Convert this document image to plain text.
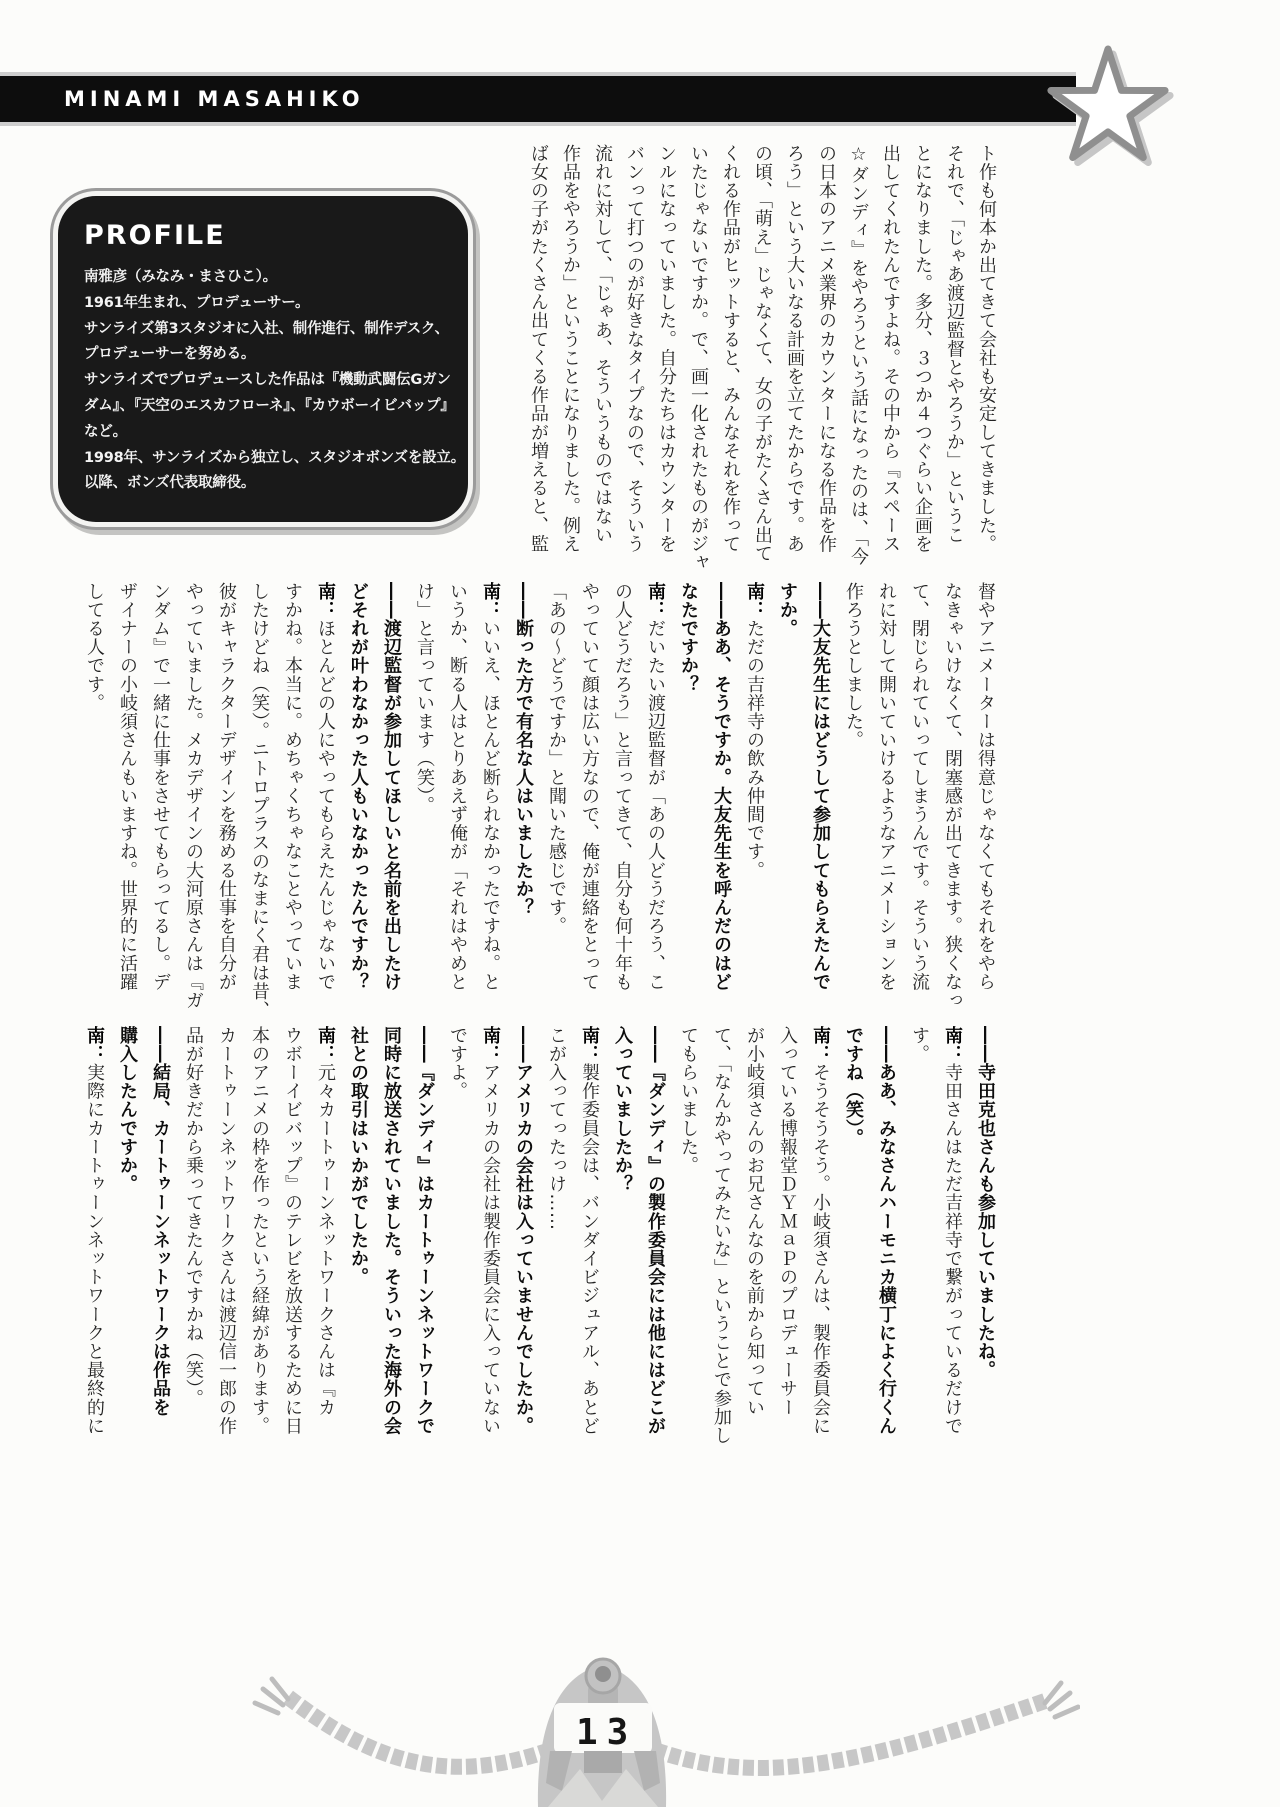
MINAMI MASAHIKO
PROFILE
南雅彦（みなみ・まさひこ）。
1961年生まれ、プロデューサー。
サンライズ第3スタジオに入社、制作進行、制作デスク、
プロデューサーを努める。
サンライズでプロデュースした作品は『機動武闘伝Gガン
ダム』、『天空のエスカフローネ』、『カウボーイビバップ』
など。
1998年、サンライズから独立し、スタジオボンズを設立。
以降、ボンズ代表取締役。	ト作も何本か出てきて会社も安定してきました。
それで、「じゃあ渡辺監督とやろうか」というこ
とになりました。多分、３つか４つぐらい企画を
出してくれたんですよね。その中から『スペース
☆ダンディ』をやろうという話になったのは、「今
の日本のアニメ業界のカウンターになる作品を作
ろう」という大いなる計画を立てたからです。あ
の頃、「萌え」じゃなくて、女の子がたくさん出て
くれる作品がヒットすると、みんなそれを作って
いたじゃないですか。で、画一化されたものがジャ
ンルになっていました。自分たちはカウンターを
バンって打つのが好きなタイプなので、そういう
流れに対して、「じゃあ、そういうものではない
作品をやろうか」ということになりました。例え
ば女の子がたくさん出てくる作品が増えると、監
督やアニメーターは得意じゃなくてもそれをやら
なきゃいけなくて、閉塞感が出てきます。狭くなっ
て、閉じられていってしまうんです。そういう流
れに対して開いていけるようなアニメーションを
作ろうとしました。
――大友先生にはどうして参加してもらえたんで
すか。
南：ただの吉祥寺の飲み仲間です。
――ああ、そうですか。大友先生を呼んだのはど
なたですか？
南：だいたい渡辺監督が「あの人どうだろう、こ
の人どうだろう」と言ってきて、自分も何十年も
やっていて顔は広い方なので、俺が連絡をとって
「あの〜どうですか」と聞いた感じです。
――断った方で有名な人はいましたか？
南：いいえ、ほとんど断られなかったですね。と
いうか、断る人はとりあえず俺が「それはやめと
け」と言っています（笑）。
――渡辺監督が参加してほしいと名前を出したけ
どそれが叶わなかった人もいなかったんですか？
南：ほとんどの人にやってもらえたんじゃないで
すかね。本当に。めちゃくちゃなことやっていま
したけどね（笑）。ニトロプラスのなまにく君は昔、
彼がキャラクターデザインを務める仕事を自分が
やっていました。メカデザインの大河原さんは『ガ
ンダム』で一緒に仕事をさせてもらってるし。デ
ザイナーの小岐須さんもいますね。世界的に活躍
してる人です。
――寺田克也さんも参加していましたね。
南：寺田さんはただ吉祥寺で繋がっているだけで
す。
――ああ、みなさんハーモニカ横丁によく行くん
ですね（笑）。
南：そうそうそう。小岐須さんは、製作委員会に
入っている博報堂ＤＹＭａＰのプロデューサー
が小岐須さんのお兄さんなのを前から知ってい
て、「なんかやってみたいな」ということで参加し
てもらいました。
――『ダンディ』の製作委員会には他にはどこが
入っていましたか？
南：製作委員会は、バンダイビジュアル、あとど
こが入ってったっけ……
――アメリカの会社は入っていませんでしたか。
南：アメリカの会社は製作委員会に入っていない
ですよ。
――『ダンディ』はカートゥーンネットワークで
同時に放送されていました。そういった海外の会
社との取引はいかがでしたか。
南：元々カートゥーンネットワークさんは『カ
ウボーイビバップ』のテレビを放送するために日
本のアニメの枠を作ったという経緯があります。
カートゥーンネットワークさんは渡辺信一郎の作
品が好きだから乗ってきたんですかね（笑）。
――結局、カートゥーンネットワークは作品を
購入したんですか。
南：実際にカートゥーンネットワークと最終的に
13
